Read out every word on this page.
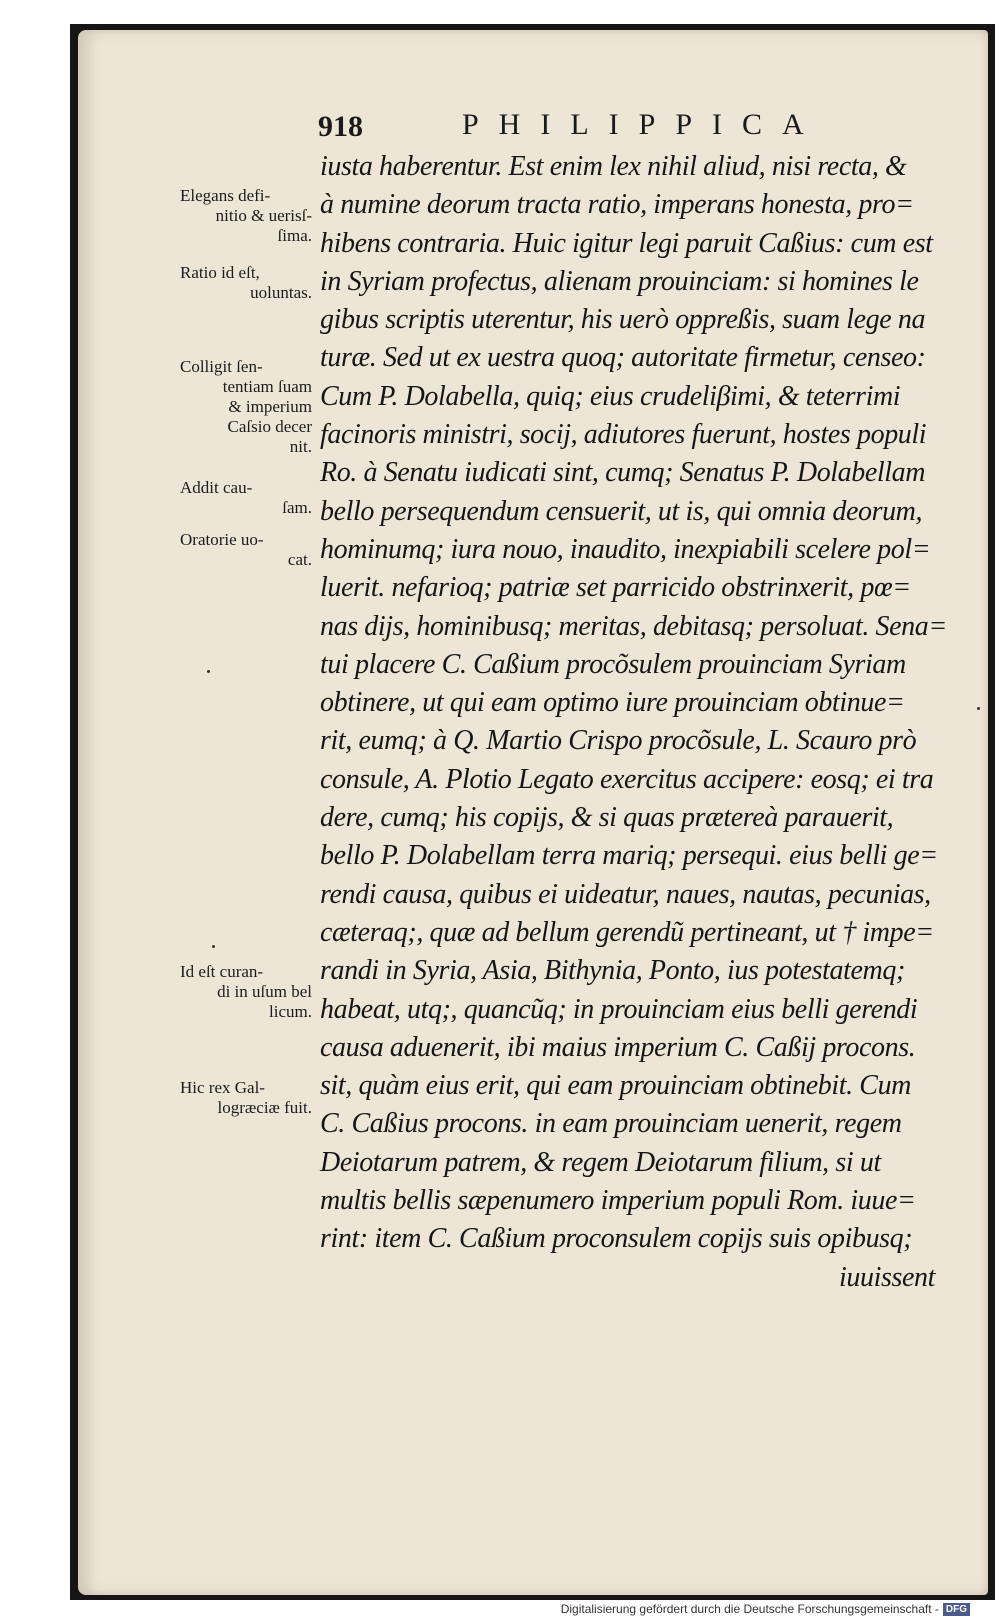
918	PHILIPPICA
iusta haberentur. Est enim lex nihil aliud, nisi recta, &
à numine deorum tracta ratio, imperans honesta, pro=
hibens contraria. Huic igitur legi paruit Caßius: cum est
in Syriam profectus, alienam prouinciam: si homines le
gibus scriptis uterentur, his uerò oppreßis, suam lege na
turæ. Sed ut ex uestra quoq; autoritate firmetur, censeo:
Cum P. Dolabella, quiq; eius crudeliβimi, & teterrimi
facinoris ministri, socij, adiutores fuerunt, hostes populi
Ro. à Senatu iudicati sint, cumq; Senatus P. Dolabellam
bello persequendum censuerit, ut is, qui omnia deorum,
hominumq; iura nouo, inaudito, inexpiabili scelere pol=
luerit. nefarioq; patriæ set parricido obstrinxerit, pœ=
nas dijs, hominibusq; meritas, debitasq; persoluat. Sena=
tui placere C. Caßium procõsulem prouinciam Syriam
obtinere, ut qui eam optimo iure prouinciam obtinue=
rit, eumq; à Q. Martio Crispo procõsule, L. Scauro prò
consule, A. Plotio Legato exercitus accipere: eosq; ei tra
dere, cumq; his copijs, & si quas prætereà parauerit,
bello P. Dolabellam terra mariq; persequi. eius belli ge=
rendi causa, quibus ei uideatur, naues, nautas, pecunias,
cæteraq;, quæ ad bellum gerendũ pertineant, ut † impe=
randi in Syria, Asia, Bithynia, Ponto, ius potestatemq;
habeat, utq;, quancũq; in prouinciam eius belli gerendi
causa aduenerit, ibi maius imperium C. Caßij procons.
sit, quàm eius erit, qui eam prouinciam obtinebit. Cum
C. Caßius procons. in eam prouinciam uenerit, regem
Deiotarum patrem, & regem Deiotarum filium, si ut
multis bellis sæpenumero imperium populi Rom. iuue=
rint: item C. Caßium proconsulem copijs suis opibusq;
iuuissent
Elegans defi-
nitio & uerisſ-
ſima.
Ratio id eſt,
uoluntas.
Colligit ſen-
tentiam ſuam
& imperium
Caſsio decer
nit.
Addit cau-
ſam.
Oratorie uo-
cat.
Id eſt curan-
di in uſum bel
licum.
Hic rex Gal-
logræciæ fuit.
Digitalisierung gefördert durch die Deutsche Forschungsgemeinschaft - DFG
